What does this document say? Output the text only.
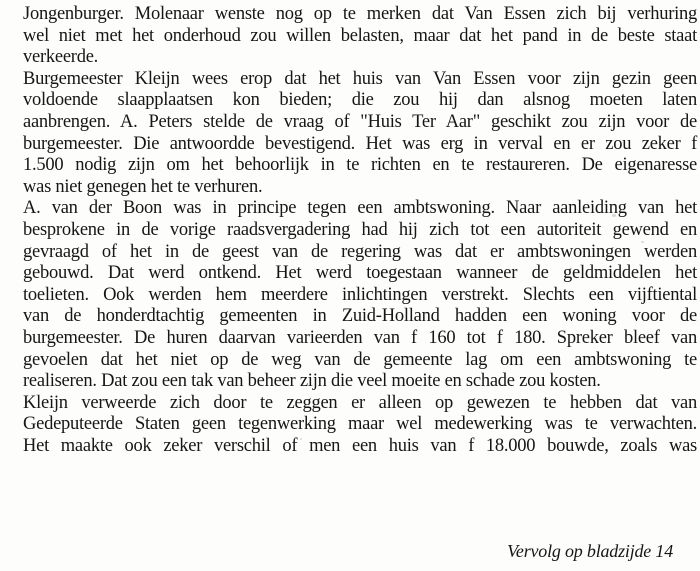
Jongenburger. Molenaar wenste nog op te merken dat Van Essen zich bij verhuring
wel niet met het onderhoud zou willen belasten, maar dat het pand in de beste staat
verkeerde.
Burgemeester Kleijn wees erop dat het huis van Van Essen voor zijn gezin geen
voldoende slaapplaatsen kon bieden; die zou hij dan alsnog moeten laten
aanbrengen. A. Peters stelde de vraag of "Huis Ter Aar" geschikt zou zijn voor de
burgemeester. Die antwoordde bevestigend. Het was erg in verval en er zou zeker f
1.500 nodig zijn om het behoorlijk in te richten en te restaureren. De eigenaresse
was niet genegen het te verhuren.
A. van der Boon was in principe tegen een ambtswoning. Naar aanleiding van het
besprokene in de vorige raadsvergadering had hij zich tot een autoriteit gewend en
gevraagd of het in de geest van de regering was dat er ambtswoningen werden
gebouwd. Dat werd ontkend. Het werd toegestaan wanneer de geldmiddelen het
toelieten. Ook werden hem meerdere inlichtingen verstrekt. Slechts een vijftiental
van de honderdtachtig gemeenten in Zuid-Holland hadden een woning voor de
burgemeester. De huren daarvan varieerden van f 160 tot f 180. Spreker bleef van
gevoelen dat het niet op de weg van de gemeente lag om een ambtswoning te
realiseren. Dat zou een tak van beheer zijn die veel moeite en schade zou kosten.
Kleijn verweerde zich door te zeggen er alleen op gewezen te hebben dat van
Gedeputeerde Staten geen tegenwerking maar wel medewerking was te verwachten.
Het maakte ook zeker verschil of men een huis van f 18.000 bouwde, zoals was
Vervolg op bladzijde 14
